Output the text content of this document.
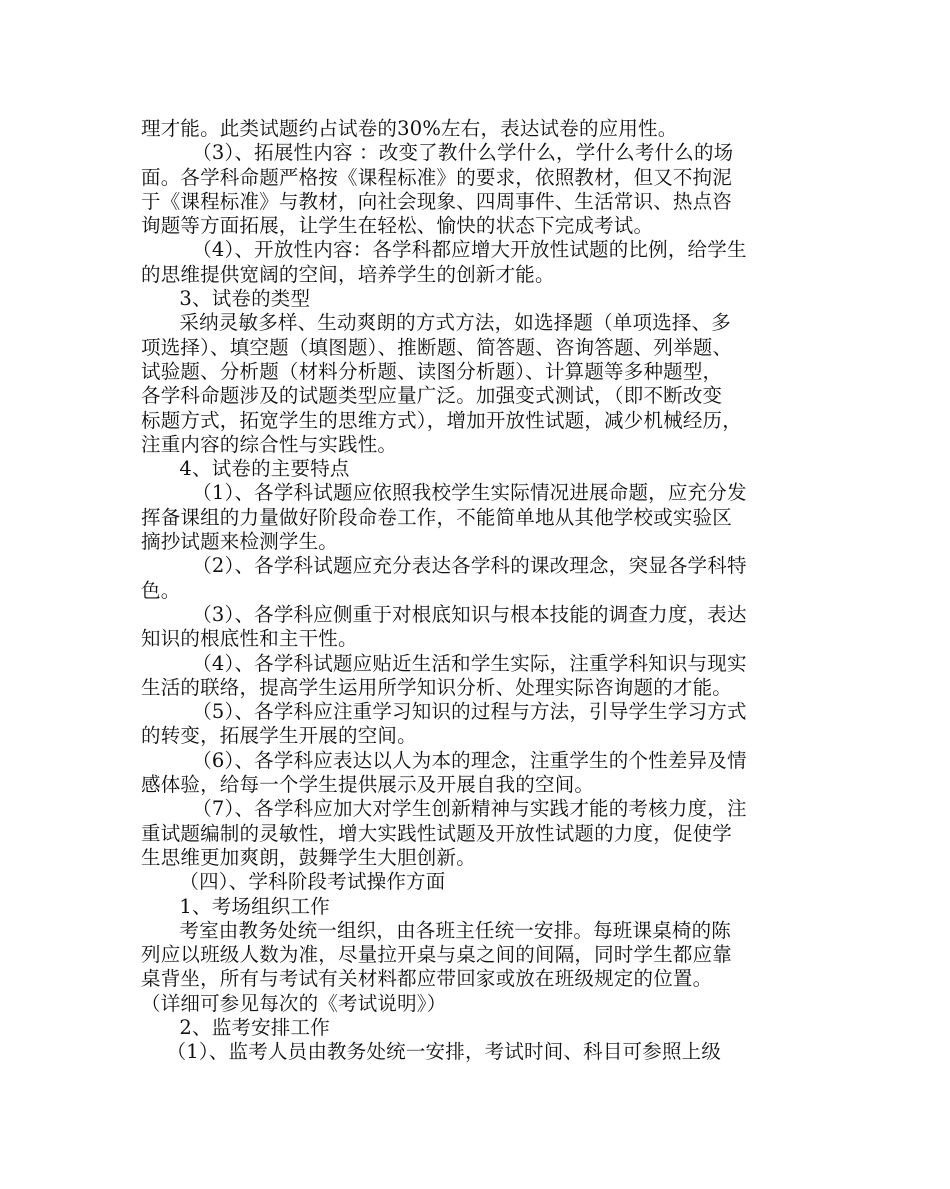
理才能。此类试题约占试卷的30%左右，表达试卷的应用性。
（3）、拓展性内容 ：改变了教什么学什么，学什么考什么的场
面。各学科命题严格按《课程标准》的要求，依照教材，但又不拘泥
于《课程标准》与教材，向社会现象、四周事件、生活常识、热点咨
询题等方面拓展，让学生在轻松、愉快的状态下完成考试。
（4）、开放性内容：各学科都应增大开放性试题的比例，给学生
的思维提供宽阔的空间，培养学生的创新才能。
3、试卷的类型
采纳灵敏多样、生动爽朗的方式方法，如选择题（单项选择、多
项选择）、填空题（填图题）、推断题、简答题、咨询答题、列举题、
试验题、分析题（材料分析题、读图分析题）、计算题等多种题型，
各学科命题涉及的试题类型应量广泛。加强变式测试，（即不断改变
标题方式，拓宽学生的思维方式），增加开放性试题，减少机械经历，
注重内容的综合性与实践性。
4、试卷的主要特点
（1）、各学科试题应依照我校学生实际情况进展命题，应充分发
挥备课组的力量做好阶段命卷工作，不能简单地从其他学校或实验区
摘抄试题来检测学生。
（2）、各学科试题应充分表达各学科的课改理念，突显各学科特
色。
（3）、各学科应侧重于对根底知识与根本技能的调查力度，表达
知识的根底性和主干性。
（4）、各学科试题应贴近生活和学生实际，注重学科知识与现实
生活的联络，提高学生运用所学知识分析、处理实际咨询题的才能。
（5）、各学科应注重学习知识的过程与方法，引导学生学习方式
的转变，拓展学生开展的空间。
（6）、各学科应表达以人为本的理念，注重学生的个性差异及情
感体验，给每一个学生提供展示及开展自我的空间。
（7）、各学科应加大对学生创新精神与实践才能的考核力度，注
重试题编制的灵敏性，增大实践性试题及开放性试题的力度，促使学
生思维更加爽朗，鼓舞学生大胆创新。
（四）、学科阶段考试操作方面
1、考场组织工作
考室由教务处统一组织，由各班主任统一安排。每班课桌椅的陈
列应以班级人数为准，尽量拉开桌与桌之间的间隔，同时学生都应靠
桌背坐，所有与考试有关材料都应带回家或放在班级规定的位置。
（详细可参见每次的《考试说明》）
2、监考安排工作
（1）、监考人员由教务处统一安排，考试时间、科目可参照上级
